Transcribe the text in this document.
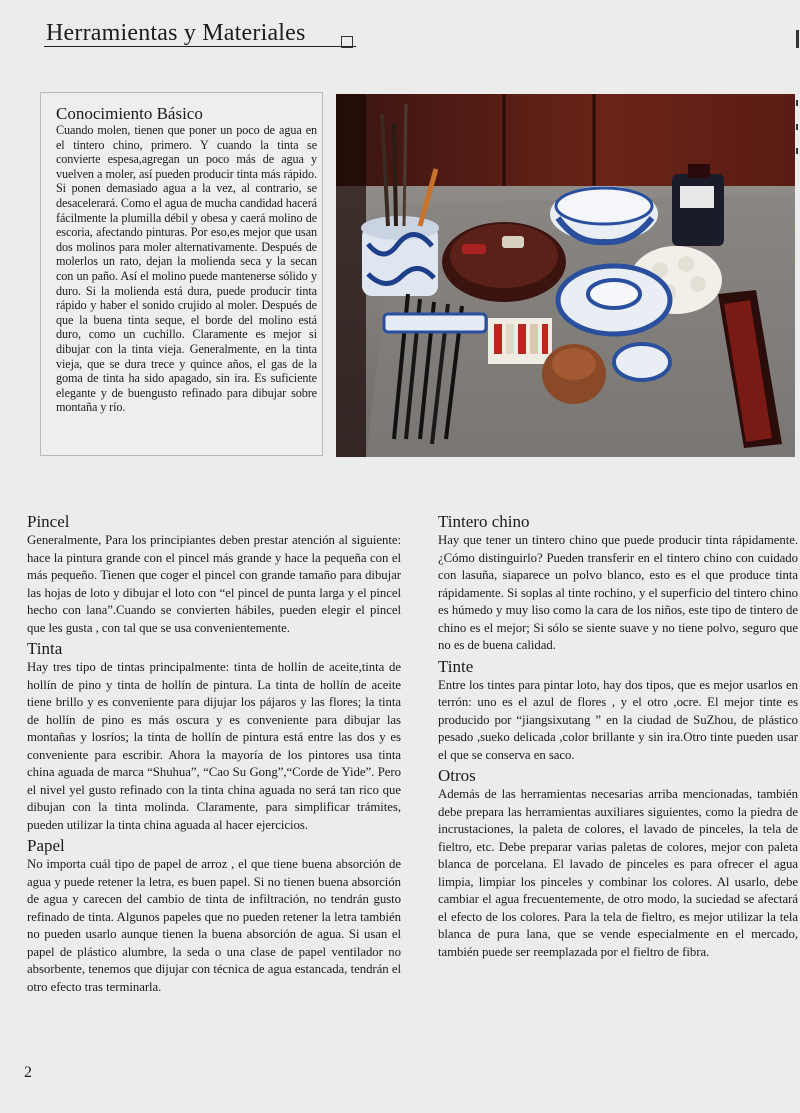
Herramientas y Materiales
Conocimiento Básico

Cuando molen, tienen que poner un poco de agua en el tintero chino, primero. Y cuando la tinta se convierte espesa,agregan un poco más de agua y vuelven a moler, así pueden producir tinta más rápido. Si ponen demasiado agua a la vez, al contrario, se desacelerará. Como el agua de mucha candidad hacerá fácilmente la plumilla débil y obesa y caerá molino de escoria, afectando pinturas. Por eso,es mejor que usan dos molinos para moler alternativamente. Después de molerlos un rato, dejan la molienda seca y la secan con un paño. Así el molino puede mantenerse sólido y duro. Si la molienda está dura, puede producir tinta rápido y haber el sonido crujido al moler. Después de que la buena tinta seque, el borde del molino está duro, como un cuchillo. Claramente es mejor si dibujar con la tinta vieja. Generalmente, en la tinta vieja, que se dura trece y quince años, el gas de la goma de tinta ha sido apagado, sin ira. Es suficiente elegante y de buengusto refinado para dibujar sobre montaña y río.

Pincel

Generalmente, Para los principiantes deben prestar atención al siguiente: hace la pintura grande con el pincel más grande y hace la pequeña con el más pequeño. Tienen que coger el pincel con grande tamaño para dibujar las hojas de loto y dibujar el loto con “el pincel de punta larga y el pincel hecho con lana”.Cuando se convierten hábiles, pueden elegir el pincel que les gusta , con tal que se usa convenientemente.

Tinta

Hay tres tipo de tintas principalmente: tinta de hollín de aceite,tinta de hollín de pino y tinta de hollín de pintura. La tinta de hollín de aceite tiene brillo y es conveniente para dijujar los pájaros y las flores; la tinta de hollín de pino es más oscura y es conveniente para dibujar las montañas y losríos; la tinta de hollín de pintura está entre las dos y es conveniente para escribir. Ahora la mayoría de los pintores usa tinta china aguada de marca “Shuhua”, “Cao Su Gong”,“Corde de Yide”. Pero el nivel yel gusto refinado con la tinta china aguada no será tan rico que dibujan con la tinta molinda. Claramente, para simplificar trámites, pueden utilizar la tinta china aguada al hacer ejercicios.

Papel

No importa cuál tipo de papel de arroz , el que tiene buena absorción de agua y puede retener la letra, es buen papel. Si no tienen buena absorción de agua y carecen del cambio de tinta de infiltración, no tendrán gusto refinado de tinta. Algunos papeles que no pueden retener la letra también no pueden usarlo aunque tienen la buena absorción de agua. Si usan el papel de plástico alumbre, la seda o una clase de papel ventilador no absorbente, tenemos que dijujar con técnica de agua estancada, tendrán el otro efecto tras terminarla.

Tintero chino

Hay que tener un tintero chino que puede producir tinta rápidamente. ¿Cómo distinguirlo? Pueden transferir en el tintero chino con cuidado con lasuña, siaparece un polvo blanco, esto es el que produce tinta rápidamente. Si soplas al tinte rochino, y el superficio del tintero chino es húmedo y muy liso como la cara de los niños, este tipo de tintero de chino es el mejor; Si sólo se siente suave y no tiene polvo, seguro que no es de buena calidad.

Tinte

Entre los tintes para pintar loto, hay dos tipos, que es mejor usarlos en terrón: uno es el azul de flores , y el otro ,ocre. El mejor tinte es producido por “jiangsixutang ” en la ciudad de SuZhou, de plástico pesado ,sueko delicada ,color brillante y sin ira.Otro tinte pueden usar el que se conserva en saco.

Otros

Además de las herramientas necesarias arriba mencionadas, también debe prepara las herramientas auxiliares siguientes, como la piedra de incrustaciones, la paleta de colores, el lavado de pinceles, la tela de fieltro, etc. Debe preparar varias paletas de colores, mejor con paleta blanca de porcelana. El lavado de pinceles es para ofrecer el agua limpia, limpiar los pinceles y combinar los colores. Al usarlo, debe cambiar el agua frecuentemente, de otro modo, la suciedad se afectará el efecto de los colores. Para la tela de fieltro, es mejor utilizar la tela blanca de pura lana, que se vende especialmente en el mercado, también puede ser reemplazada por el fieltro de fibra.

2
